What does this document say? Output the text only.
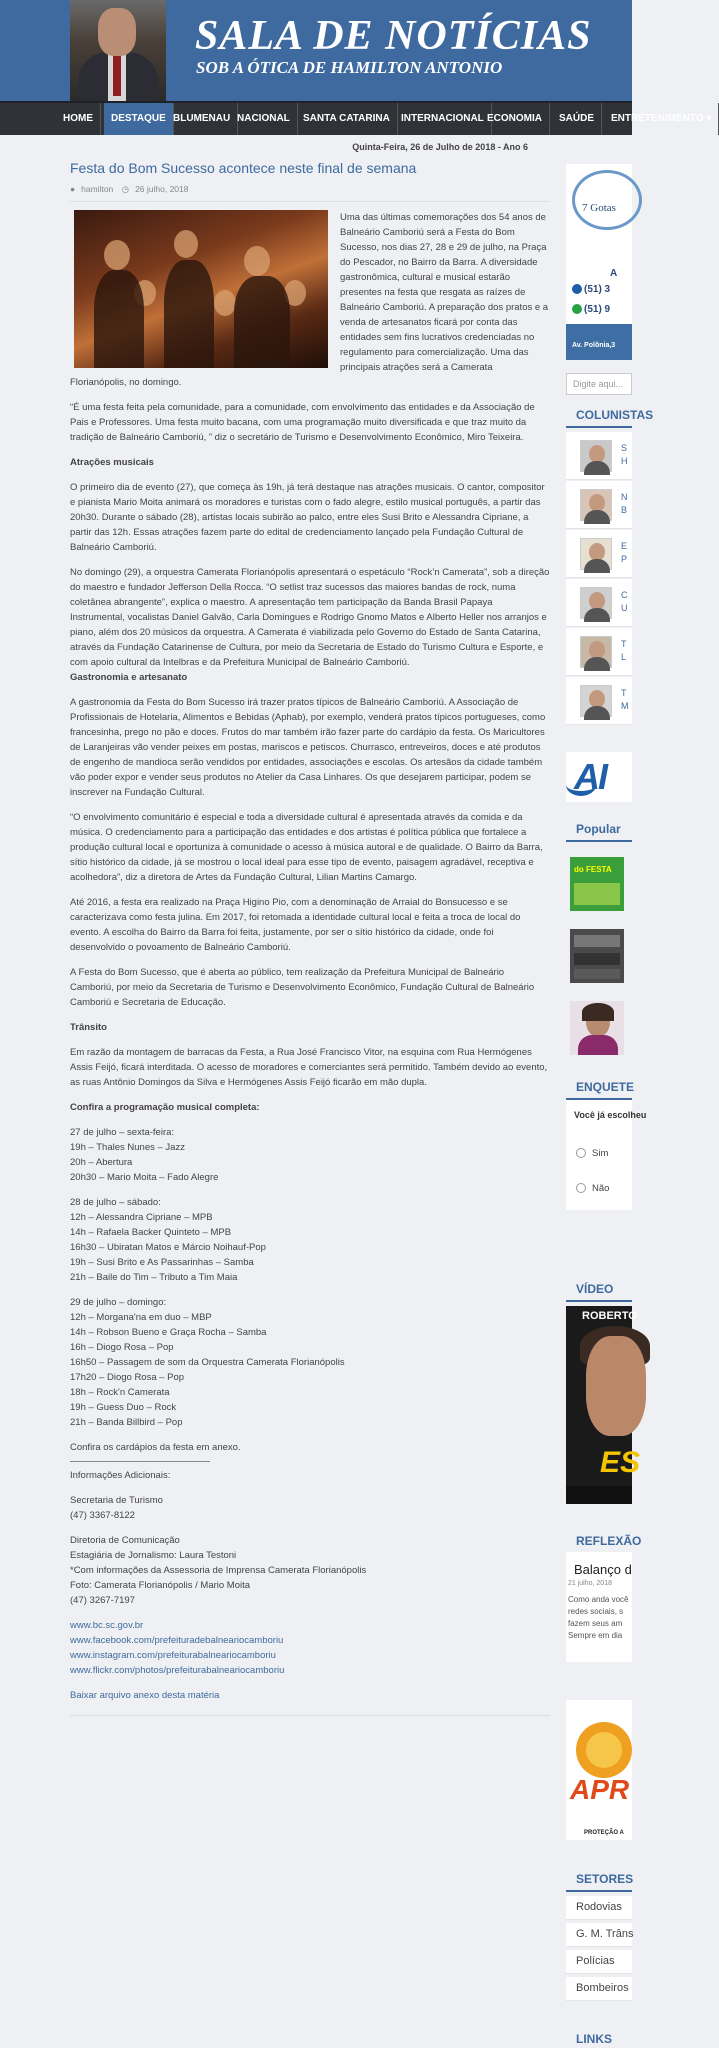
SALA DE NOTÍCIAS
SOB A ÓTICA DE HAMILTON ANTONIO
HOME	DESTAQUE BLUMENAU NACIONAL	SANTA CATARINA	INTERNACIONAL ECONOMIA	SAÚDE	ENTRETENIMENTO ▾
Quinta-Feira, 26 de Julho de 2018 - Ano 6
Festa do Bom Sucesso acontece neste final de semana
● hamilton ◷ 26 julho, 2018

Uma das últimas comemorações dos 54 anos de Balneário Camboriú será a Festa do Bom Sucesso, nos dias 27, 28 e 29 de julho, na Praça do Pescador, no Bairro da Barra. A diversidade gastronômica, cultural e musical estarão presentes na festa que resgata as raízes de Balneário Camboriú. A preparação dos pratos e a venda de artesanatos ficará por conta das entidades sem fins lucrativos credenciadas no regulamento para comercialização. Uma das principais atrações será a Camerata Florianópolis, no domingo.

“É uma festa feita pela comunidade, para a comunidade, com envolvimento das entidades e da Associação de Pais e Professores. Uma festa muito bacana, com uma programação muito diversificada e que traz muito da tradição de Balneário Camboriú, ” diz o secretário de Turismo e Desenvolvimento Econômico, Miro Teixeira.

Atrações musicais

O primeiro dia de evento (27), que começa às 19h, já terá destaque nas atrações musicais. O cantor, compositor e pianista Mario Moita animará os moradores e turistas com o fado alegre, estilo musical português, a partir das 20h30. Durante o sábado (28), artistas locais subirão ao palco, entre eles Susi Brito e Alessandra Cipriane, a partir das 12h. Essas atrações fazem parte do edital de credenciamento lançado pela Fundação Cultural de Balneário Camboriú.

No domingo (29), a orquestra Camerata Florianópolis apresentará o espetáculo “Rock’n Camerata”, sob a direção do maestro e fundador Jefferson Della Rocca. “O setlist traz sucessos das maiores bandas de rock, numa coletânea abrangente”, explica o maestro. A apresentação tem participação da Banda Brasil Papaya Instrumental, vocalistas Daniel Galvão, Carla Domingues e Rodrigo Gnomo Matos e Alberto Heller nos arranjos e piano, além dos 20 músicos da orquestra. A Camerata é viabilizada pelo Governo do Estado de Santa Catarina, através da Fundação Catarinense de Cultura, por meio da Secretaria de Estado do Turismo Cultura e Esporte, e com apoio cultural da Intelbras e da Prefeitura Municipal de Balneário Camboriú.

Gastronomia e artesanato

A gastronomia da Festa do Bom Sucesso irá trazer pratos típicos de Balneário Camboriú. A Associação de Profissionais de Hotelaria, Alimentos e Bebidas (Aphab), por exemplo, venderá pratos típicos portugueses, como francesinha, prego no pão e doces. Frutos do mar também irão fazer parte do cardápio da festa. Os Maricultores de Laranjeiras vão vender peixes em postas, mariscos e petiscos. Churrasco, entreveiros, doces e até produtos de engenho de mandioca serão vendidos por entidades, associações e escolas. Os artesãos da cidade também vão poder expor e vender seus produtos no Atelier da Casa Linhares. Os que desejarem participar, podem se inscrever na Fundação Cultural.

“O envolvimento comunitário é especial e toda a diversidade cultural é apresentada através da comida e da música. O credenciamento para a participação das entidades e dos artistas é política pública que fortalece a produção cultural local e oportuniza à comunidade o acesso à música autoral e de qualidade. O Bairro da Barra, sítio histórico da cidade, já se mostrou o local ideal para esse tipo de evento, paisagem agradável, receptiva e acolhedora”, diz a diretora de Artes da Fundação Cultural, Lilian Martins Camargo.

Até 2016, a festa era realizado na Praça Higino Pio, com a denominação de Arraial do Bonsucesso e se caracterizava como festa julina. Em 2017, foi retomada a identidade cultural local e feita a troca de local do evento. A escolha do Bairro da Barra foi feita, justamente, por ser o sítio histórico da cidade, onde foi desenvolvido o povoamento de Balneário Camboriú.

A Festa do Bom Sucesso, que é aberta ao público, tem realização da Prefeitura Municipal de Balneário Camboriú, por meio da Secretaria de Turismo e Desenvolvimento Econômico, Fundação Cultural de Balneário Camboriú e Secretaria de Educação.

Trânsito

Em razão da montagem de barracas da Festa, a Rua José Francisco Vitor, na esquina com Rua Hermógenes Assis Feijó, ficará interditada. O acesso de moradores e comerciantes será permitido. Também devido ao evento, as ruas Antônio Domingos da Silva e Hermógenes Assis Feijó ficarão em mão dupla.

Confira a programação musical completa:

27 de julho – sexta-feira:
19h – Thales Nunes – Jazz
20h – Abertura
20h30 – Mario Moita – Fado Alegre

28 de julho – sábado:
12h – Alessandra Cipriane – MPB
14h – Rafaela Backer Quinteto – MPB
16h30 – Ubiratan Matos e Márcio Noihauf-Pop
19h – Susi Brito e As Passarinhas – Samba
21h – Baile do Tim – Tributo a Tim Maia

29 de julho – domingo:
12h – Morgana'na em duo – MBP
14h – Robson Bueno e Graça Rocha – Samba
16h – Diogo Rosa – Pop
16h50 – Passagem de som da Orquestra Camerata Florianópolis
17h20 – Diogo Rosa – Pop
18h – Rock'n Camerata
19h – Guess Duo – Rock
21h – Banda Billbird – Pop

Confira os cardápios da festa em anexo.

Informações Adicionais:

Secretaria de Turismo
(47) 3367-8122

Diretoria de Comunicação
Estagiária de Jornalismo: Laura Testoni
*Com informações da Assessoria de Imprensa Camerata Florianópolis
Foto: Camerata Florianópolis / Mario Moita
(47) 3267-7197

www.bc.sc.gov.br
www.facebook.com/prefeituradebalneariocamboriu
www.instagram.com/prefeiturabalneariocamboriu
www.flickr.com/photos/prefeiturabalneariocamboriu
Baixar arquivo anexo desta matéria
7 Gotas
A
(51) 3
(51) 9
Av. Polônia,3
Digite aqui...
COLUNISTAS
S
H
N
B
E
P
C
U
T
L
T
M
AI
Popular
do FESTA
ENQUETE
Você já escolheu
Sim
Não
VÍDEO
ROBERTO
ES
REFLEXÃO
Balanço d
21 julho, 2018
Como anda você
redes sociais, s
fazem seus am
Sempre em dia
APR
PROTEÇÃO A
SETORES
Rodovias
G. M. Trâns
Polícias
Bombeiros
LINKS
